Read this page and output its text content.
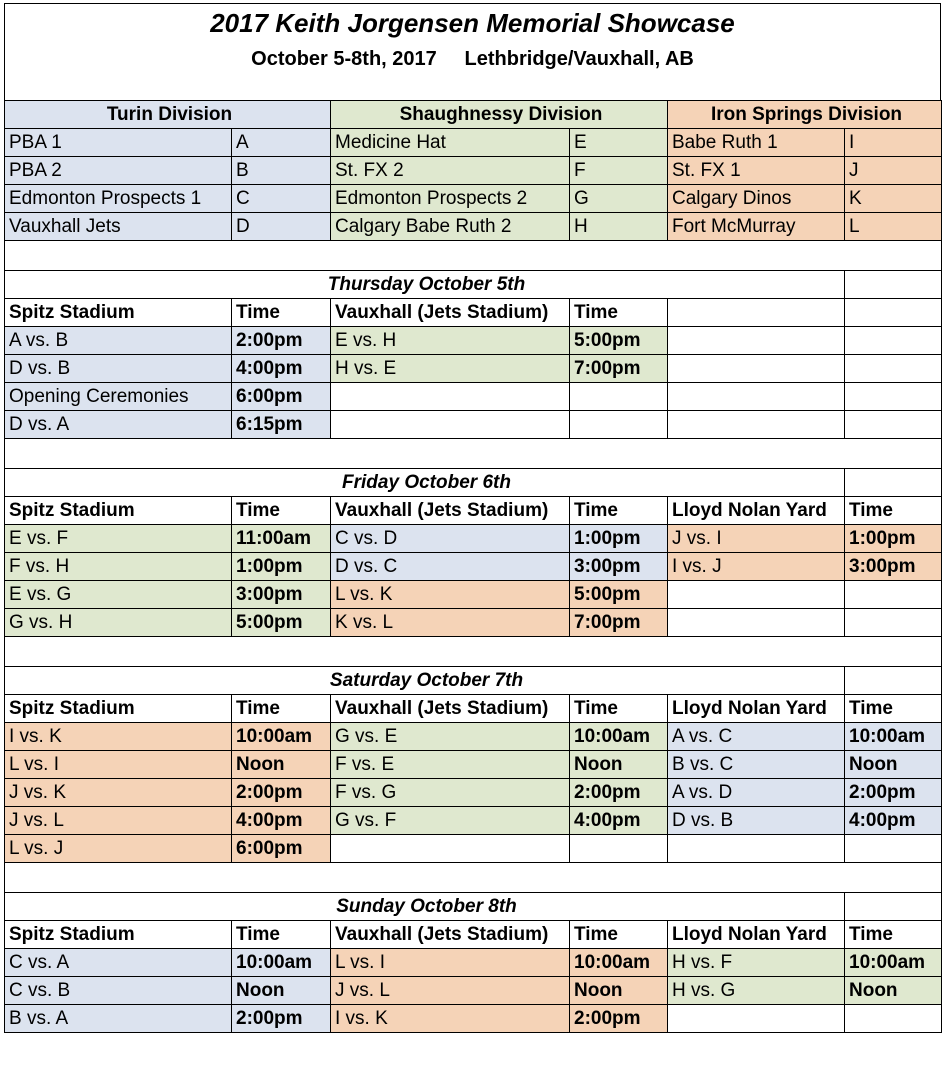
2017 Keith Jorgensen Memorial Showcase
October 5-8th, 2017     Lethbridge/Vauxhall, AB
Turin Division		Shaughnessy Division		Iron Springs Division	
PBA 1	A	Medicine Hat	E	Babe Ruth 1	I
PBA 2	B	St. FX 2	F	St. FX 1	J
Edmonton Prospects 1	C	Edmonton Prospects 2	G	Calgary Dinos	K
Vauxhall Jets	D	Calgary Babe Ruth 2	H	Fort McMurray	L

Thursday October 5th					
Spitz Stadium	Time	Vauxhall (Jets Stadium)	Time		
A vs. B	2:00pm	E vs. H	5:00pm		
D vs. B	4:00pm	H vs. E	7:00pm		
Opening Ceremonies	6:00pm				
D vs. A	6:15pm				

Friday October 6th					
Spitz Stadium	Time	Vauxhall (Jets Stadium)	Time	Lloyd Nolan Yard	Time
E vs. F	11:00am	C vs. D	1:00pm	J vs. I	1:00pm
F vs. H	1:00pm	D vs. C	3:00pm	I vs. J	3:00pm
E vs. G	3:00pm	L vs. K	5:00pm		
G vs. H	5:00pm	K vs. L	7:00pm		

Saturday October 7th					
Spitz Stadium	Time	Vauxhall (Jets Stadium)	Time	Lloyd Nolan Yard	Time
I vs. K	10:00am	G vs. E	10:00am	A vs. C	10:00am
L vs. I	Noon	F vs. E	Noon	B vs. C	Noon
J vs. K	2:00pm	F vs. G	2:00pm	A vs. D	2:00pm
J vs. L	4:00pm	G vs. F	4:00pm	D vs. B	4:00pm
L vs. J	6:00pm				

Sunday October 8th					
Spitz Stadium	Time	Vauxhall (Jets Stadium)	Time	Lloyd Nolan Yard	Time
C vs. A	10:00am	L vs. I	10:00am	H vs. F	10:00am
C vs. B	Noon	J vs. L	Noon	H vs. G	Noon
B vs. A	2:00pm	I vs. K	2:00pm		
